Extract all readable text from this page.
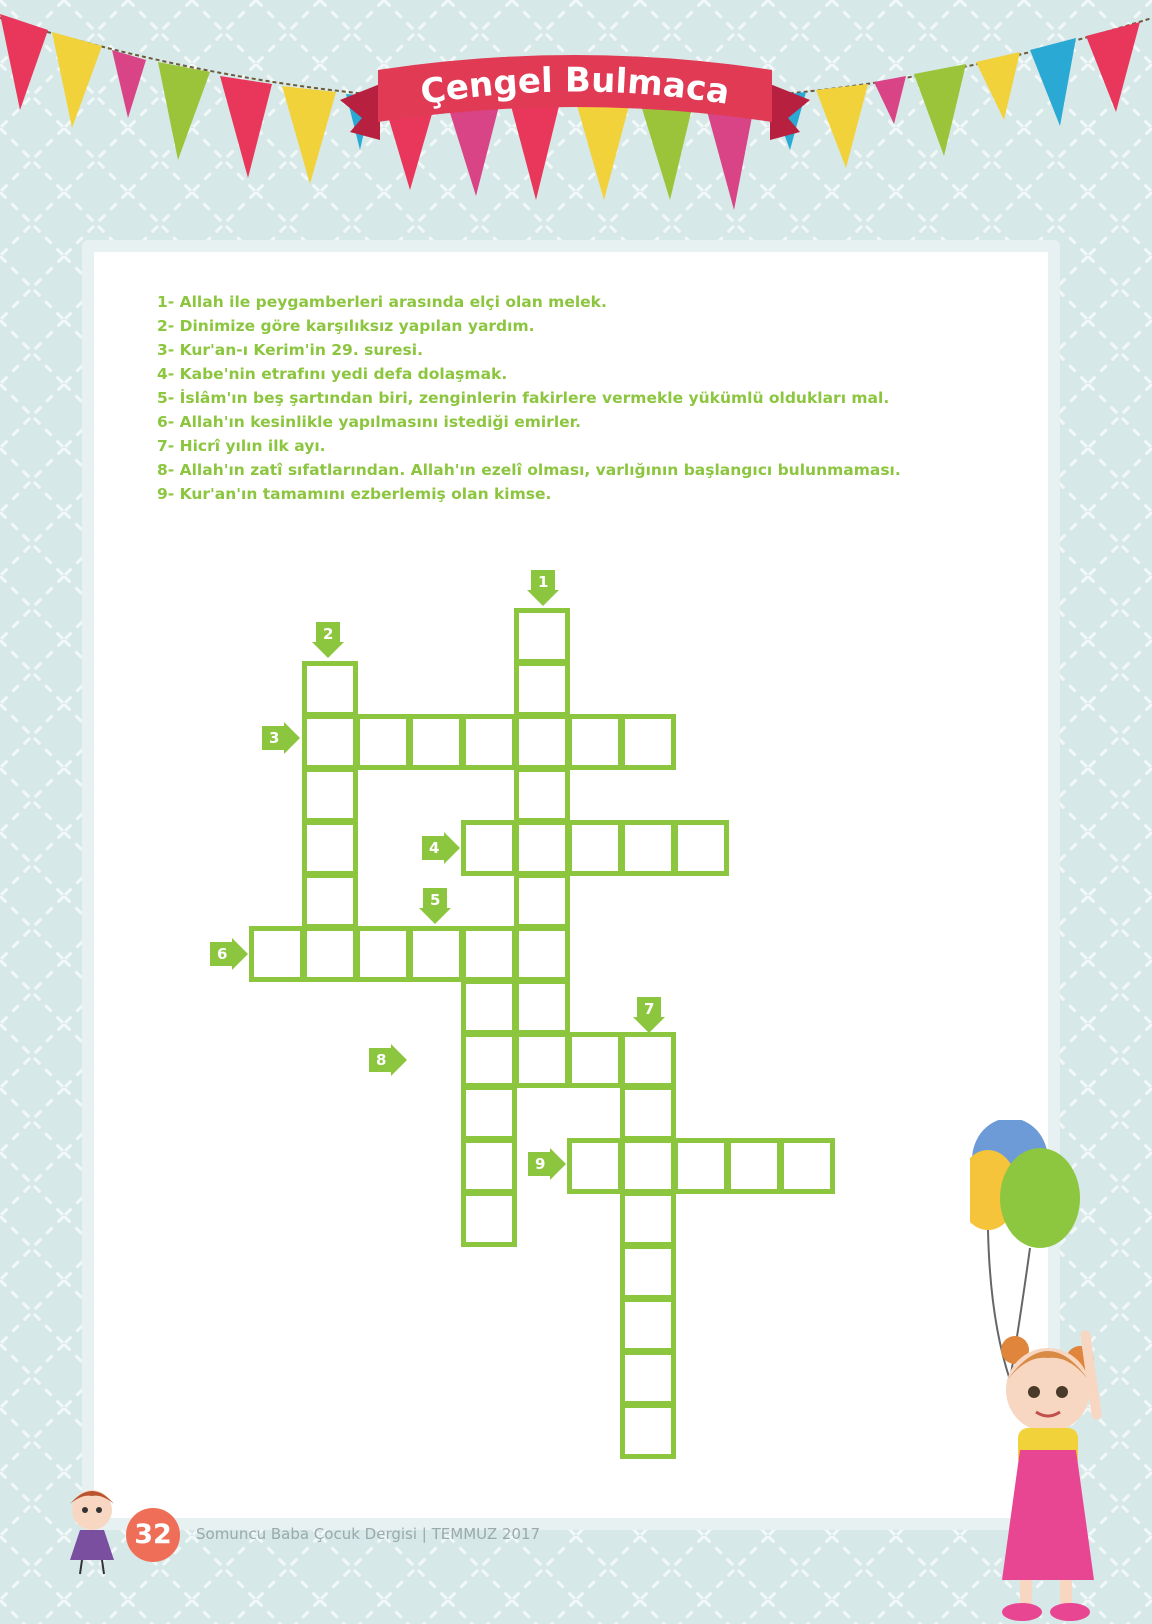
Çengel Bulmaca
1- Allah ile peygamberleri arasında elçi olan melek.
2- Dinimize göre karşılıksız yapılan yardım.
3- Kur'an-ı Kerim'in 29. suresi.
4- Kabe'nin etrafını yedi defa dolaşmak.
5- İslâm'ın beş şartından biri, zenginlerin fakirlere vermekle yükümlü oldukları mal.
6- Allah'ın kesinlikle yapılmasını istediği emirler.
7- Hicrî yılın ilk ayı.
8- Allah'ın zatî sıfatlarından. Allah'ın ezelî olması, varlığının başlangıcı bulunmaması.
9- Kur'an'ın tamamını ezberlemiş olan kimse.
1
2
3
4
5
6
7
8
9
32	Somuncu Baba Çocuk Dergisi | TEMMUZ 2017
